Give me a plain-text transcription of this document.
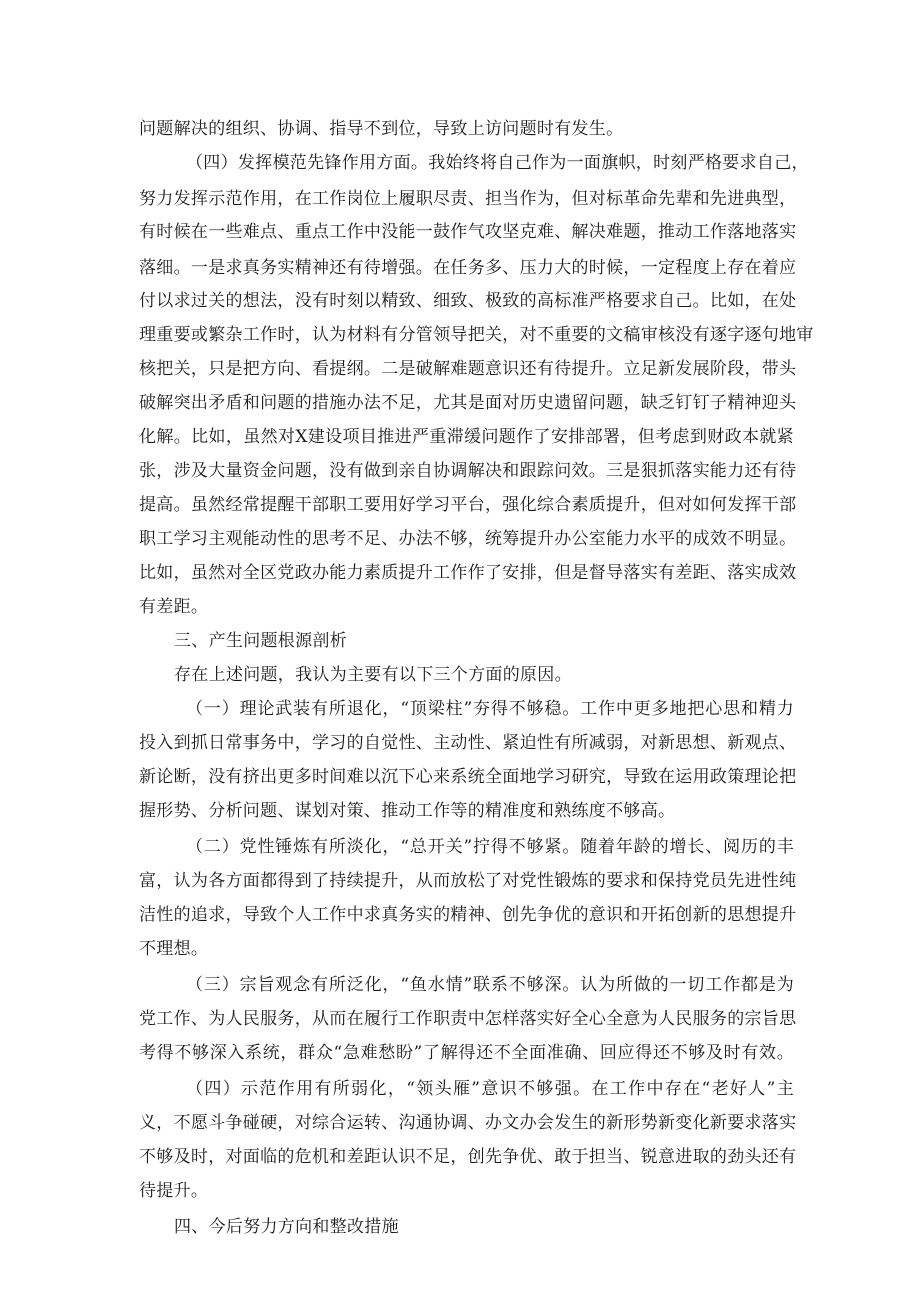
问题解决的组织、协调、指导不到位，导致上访问题时有发生。
（四）发挥模范先锋作用方面。我始终将自己作为一面旗帜，时刻严格要求自己，
努力发挥示范作用，在工作岗位上履职尽责、担当作为，但对标革命先辈和先进典型，
有时候在一些难点、重点工作中没能一鼓作气攻坚克难、解决难题，推动工作落地落实
落细。一是求真务实精神还有待增强。在任务多、压力大的时候，一定程度上存在着应
付以求过关的想法，没有时刻以精致、细致、极致的高标准严格要求自己。比如，在处
理重要或繁杂工作时，认为材料有分管领导把关，对不重要的文稿审核没有逐字逐句地审
核把关，只是把方向、看提纲。二是破解难题意识还有待提升。立足新发展阶段，带头
破解突出矛盾和问题的措施办法不足，尤其是面对历史遗留问题，缺乏钉钉子精神迎头
化解。比如，虽然对X建设项目推进严重滞缓问题作了安排部署，但考虑到财政本就紧
张，涉及大量资金问题，没有做到亲自协调解决和跟踪问效。三是狠抓落实能力还有待
提高。虽然经常提醒干部职工要用好学习平台，强化综合素质提升，但对如何发挥干部
职工学习主观能动性的思考不足、办法不够，统筹提升办公室能力水平的成效不明显。
比如，虽然对全区党政办能力素质提升工作作了安排，但是督导落实有差距、落实成效
有差距。
三、产生问题根源剖析
存在上述问题，我认为主要有以下三个方面的原因。
（一）理论武装有所退化，“顶梁柱”夯得不够稳。工作中更多地把心思和精力
投入到抓日常事务中，学习的自觉性、主动性、紧迫性有所减弱，对新思想、新观点、
新论断，没有挤出更多时间难以沉下心来系统全面地学习研究，导致在运用政策理论把
握形势、分析问题、谋划对策、推动工作等的精准度和熟练度不够高。
（二）党性锤炼有所淡化，“总开关”拧得不够紧。随着年龄的增长、阅历的丰
富，认为各方面都得到了持续提升，从而放松了对党性锻炼的要求和保持党员先进性纯
洁性的追求，导致个人工作中求真务实的精神、创先争优的意识和开拓创新的思想提升
不理想。
（三）宗旨观念有所泛化，“鱼水情”联系不够深。认为所做的一切工作都是为
党工作、为人民服务，从而在履行工作职责中怎样落实好全心全意为人民服务的宗旨思
考得不够深入系统，群众“急难愁盼”了解得还不全面准确、回应得还不够及时有效。
（四）示范作用有所弱化，“领头雁”意识不够强。在工作中存在“老好人”主
义，不愿斗争碰硬，对综合运转、沟通协调、办文办会发生的新形势新变化新要求落实
不够及时，对面临的危机和差距认识不足，创先争优、敢于担当、锐意进取的劲头还有
待提升。
四、今后努力方向和整改措施
